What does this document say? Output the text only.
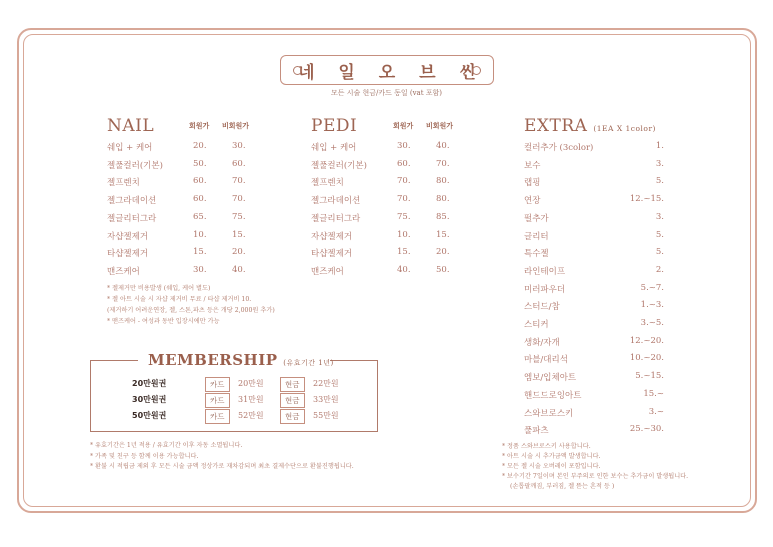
네 일 오 브 씬
모든 시술 현금/카드 동일 (vat 포함)
NAIL	회원가 비회원가
쉐입 + 케어	20.	30.
젤풀컬러(기본)	50.	60.
젤프렌치	60.	70.
젤그라데이션	60.	70.
젤글리터그라	65.	75.
자샵젤제거	10.	15.
타샵젤제거	15.	20.
맨즈케어	30.	40.
* 젤제거만 비용발생 (쉐입, 케어 별도)
* 젤 아트 시술 시 자샵 제거비 무료 / 타샵 제거비 10.
(제거하기 어려운연장, 젤, 스톤,파츠 등은 개당 2,000원 추가)
* 맨즈케어 - 여성과 동반 입장시에만 가능
PEDI	회원가 비회원가
쉐입 + 케어	30.	40.
젤풀컬러(기본)	60.	70.
젤프렌치	70.	80.
젤그라데이션	70.	80.
젤글리터그라	75.	85.
자샵젤제거	10.	15.
타샵젤제거	15.	20.
맨즈케어	40.	50.
EXTRA (1EA X 1color)
컬러추가 (3color)	1.
보수	3.
랩핑	5.
연장	12.~15.
펄추가	3.
글리터	5.
특수젤	5.
라인테이프	2.
미러파우더	5.~7.
스터드/참	1.~3.
스티커	3.~5.
생화/자개	12.~20.
마블/대리석	10.~20.
엠보/입체아트	5.~15.
핸드드로잉아트	15.~
스와브로스키	3.~
풀파츠	25.~30.
* 정품 스와브로스키 사용합니다.
* 아트 시술 시 추가금액 발생합니다.
* 모든 젤 시술 오버레이 포함입니다.
* 보수기간 7일이며 본인 부주의로 인한 보수는 추가금이 발생됩니다.
(손톱팔깨짐, 부러짐, 젤 뜯는 흔적 등 )
MEMBERSHIP (유효기간 1년)
20만원권	카드	20만원	현금	22만원
30만원권	카드	31만원	현금	33만원
50만원권	카드	52만원	현금	55만원
* 유효기간은 1년 적용 / 유효기간 이후 자동 소멸됩니다.
* 가족 및 친구 등 함께 이용 가능합니다.
* 환불 시 적립금 제외 후 모든 시술 금액 정상가로 재차감되며 최초 결제수단으로 환불진행됩니다.
